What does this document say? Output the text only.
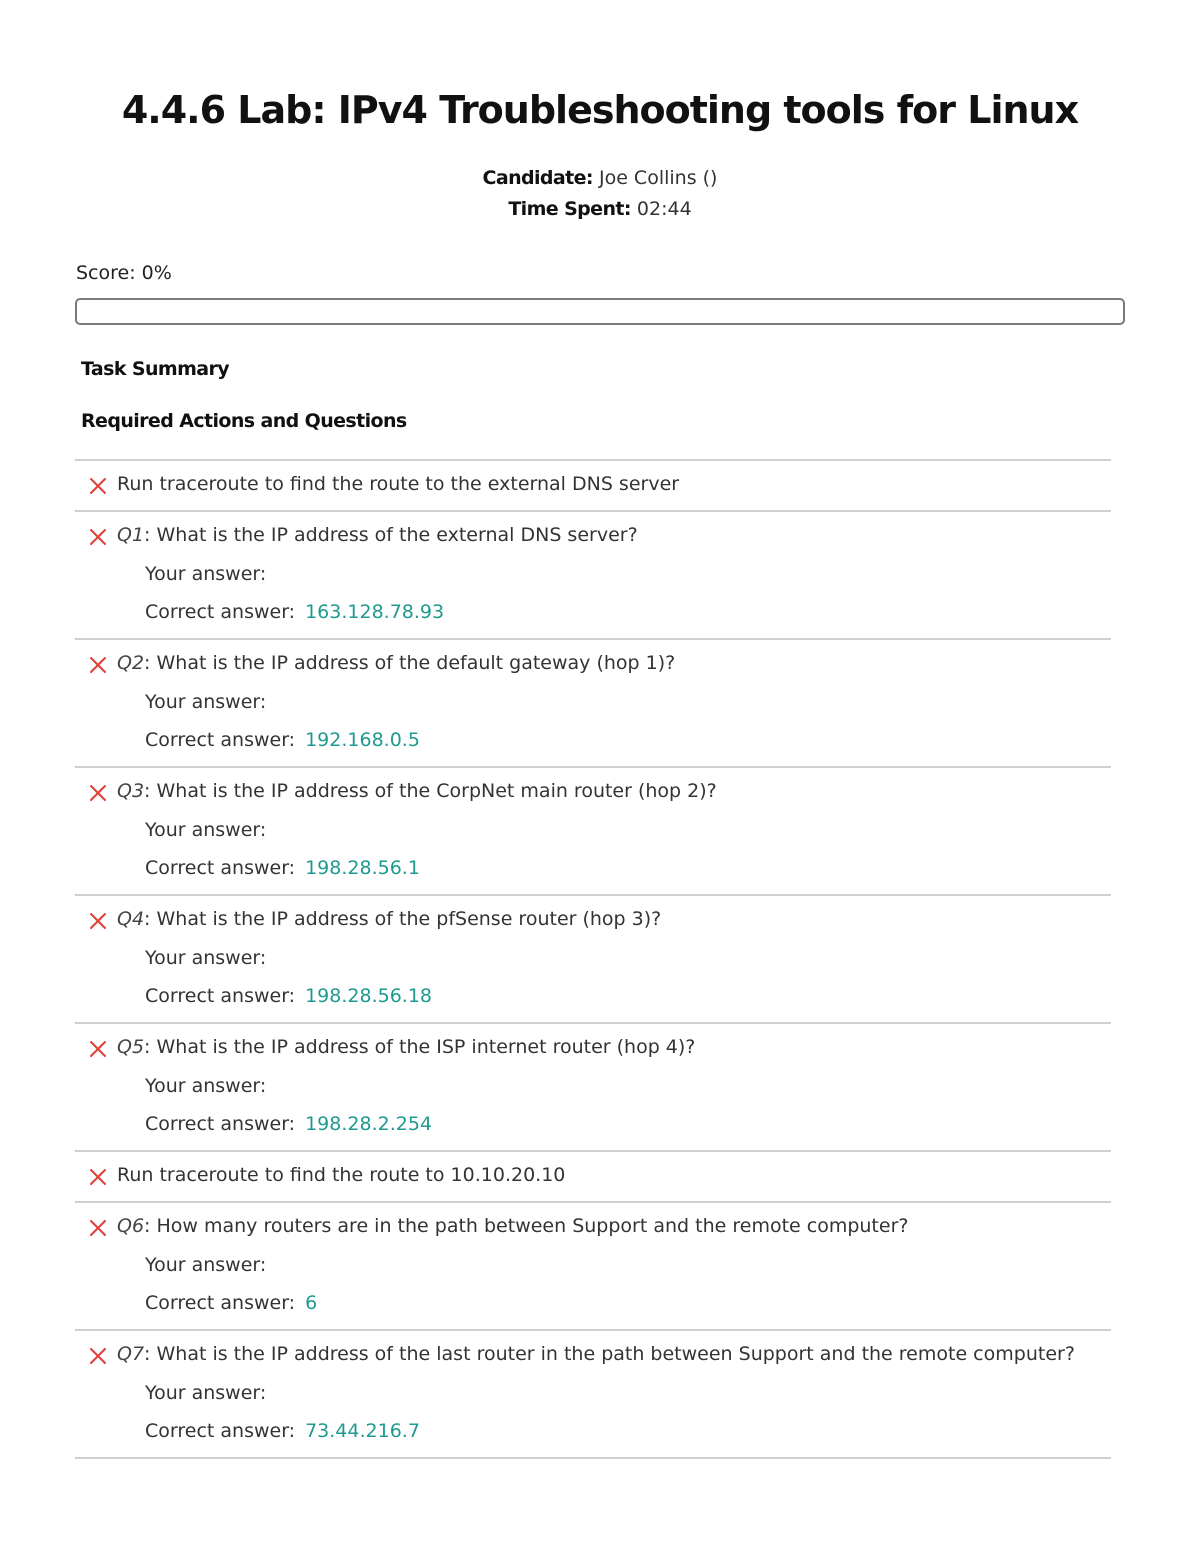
4.4.6 Lab: IPv4 Troubleshooting tools for Linux
Candidate: Joe Collins ()
Time Spent: 02:44
Score: 0%
Task Summary
Required Actions and Questions
Run traceroute to find the route to the external DNS server
Q1: What is the IP address of the external DNS server?
Your answer:
Correct answer: 163.128.78.93
Q2: What is the IP address of the default gateway (hop 1)?
Your answer:
Correct answer: 192.168.0.5
Q3: What is the IP address of the CorpNet main router (hop 2)?
Your answer:
Correct answer: 198.28.56.1
Q4: What is the IP address of the pfSense router (hop 3)?
Your answer:
Correct answer: 198.28.56.18
Q5: What is the IP address of the ISP internet router (hop 4)?
Your answer:
Correct answer: 198.28.2.254
Run traceroute to find the route to 10.10.20.10
Q6: How many routers are in the path between Support and the remote computer?
Your answer:
Correct answer: 6
Q7: What is the IP address of the last router in the path between Support and the remote computer?
Your answer:
Correct answer: 73.44.216.7
